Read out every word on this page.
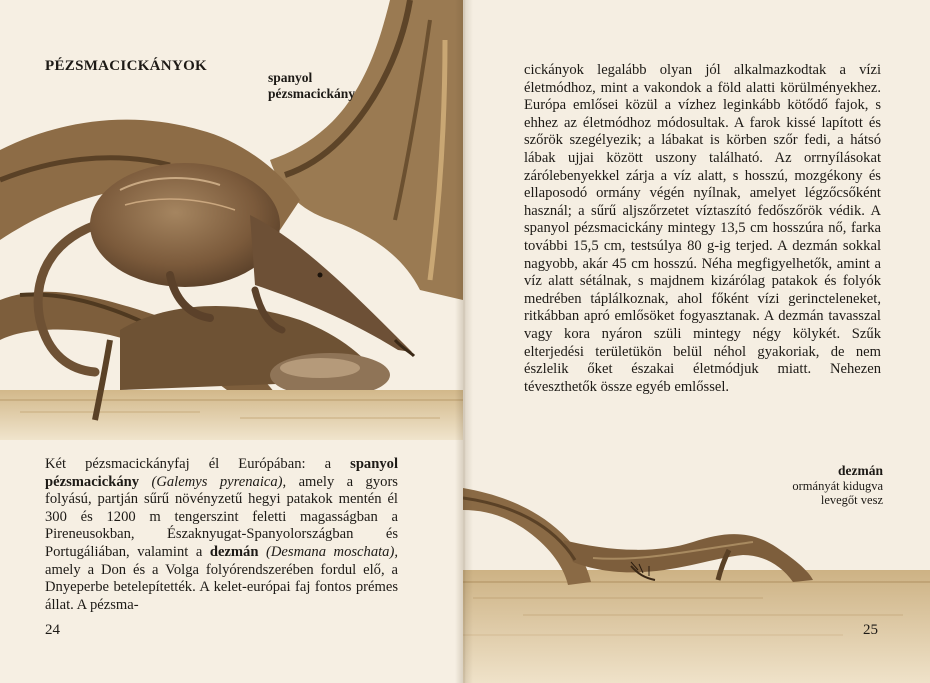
PÉZSMACICKÁNYOK
spanyol
pézsmacickány

Két pézsmacickányfaj él Európában: a spanyol pézsmacickány (Galemys pyrenaica), amely a gyors folyású, partján sűrű növényzetű hegyi patakok mentén él 300 és 1200 m tengerszint feletti magasságban a Pireneusokban, Északnyugat-Spanyolországban és Portugáliában, valamint a dezmán (Desmana moschata), amely a Don és a Volga folyórendszerében fordul elő, a Dnyeperbe betelepítették. A kelet-európai faj fontos prémes állat. A pézsma-

24

cickányok legalább olyan jól alkalmazkodtak a vízi életmódhoz, mint a vakondok a föld alatti körülményekhez. Európa emlősei közül a vízhez leginkább kötődő fajok, s ehhez az életmódhoz módosultak. A farok kissé lapított és szőrök szegélyezik; a lábakat is körben szőr fedi, a hátsó lábak ujjai között uszony található. Az orrnyílásokat zárólebenyekkel zárja a víz alatt, s hosszú, mozgékony és ellaposodó ormány végén nyílnak, amelyet légzőcsőként használ; a sűrű aljszőrzetet víztaszító fedőszőrök védik. A spanyol pézsmacickány mintegy 13,5 cm hosszúra nő, farka további 15,5 cm, testsúlya 80 g-ig terjed. A dezmán sokkal nagyobb, akár 45 cm hosszú. Néha megfigyelhetők, amint a víz alatt sétálnak, s majdnem kizárólag patakok és folyók medrében táplálkoznak, ahol főként vízi gerincteleneket, ritkábban apró emlősöket fogyasztanak. A dezmán tavasszal vagy kora nyáron szüli mintegy négy kölykét. Szűk elterjedési területükön belül néhol gyakoriak, de nem észlelik őket északai életmódjuk miatt. Nehezen téveszthetők össze egyéb emlőssel.

dezmán
ormányát kidugva
levegőt vesz
25
